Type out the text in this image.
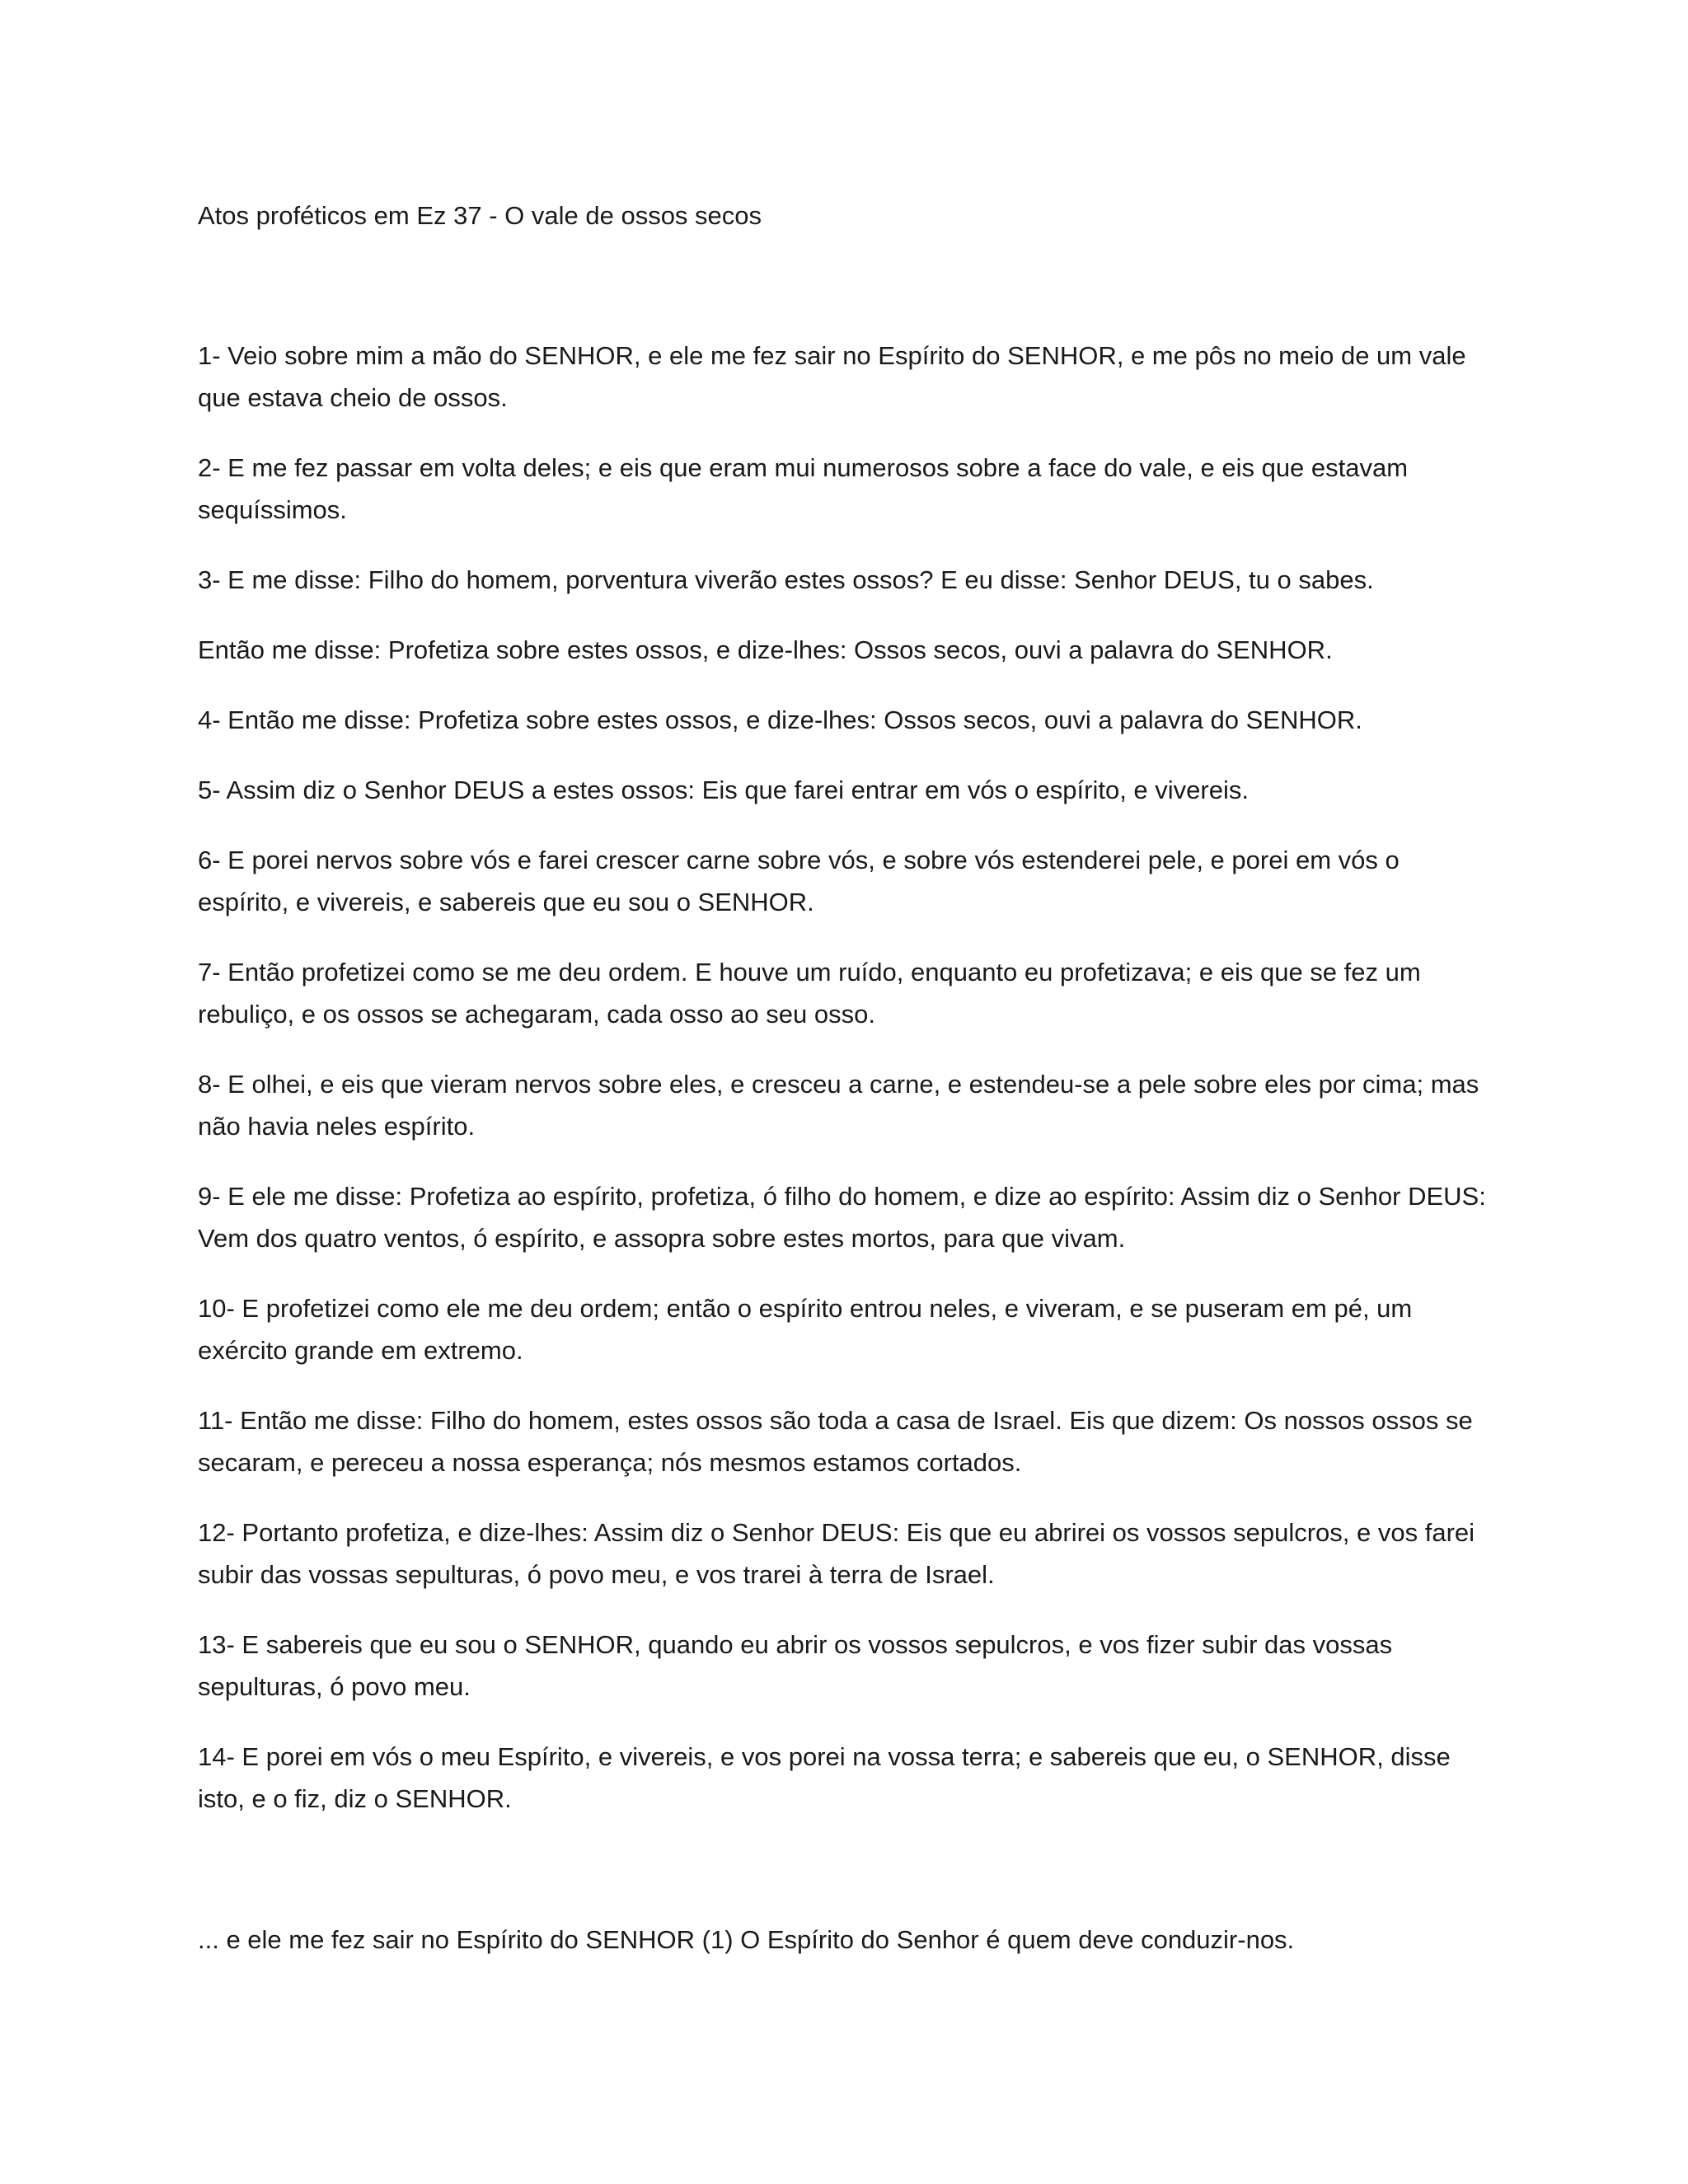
Atos proféticos em Ez 37 - O vale de ossos secos

1- Veio sobre mim a mão do SENHOR, e ele me fez sair no Espírito do SENHOR, e me pôs no meio de um vale que estava cheio de ossos.

2- E me fez passar em volta deles; e eis que eram mui numerosos sobre a face do vale, e eis que estavam sequíssimos.

3- E me disse: Filho do homem, porventura viverão estes ossos? E eu disse: Senhor DEUS, tu o sabes.

Então me disse: Profetiza sobre estes ossos, e dize-lhes: Ossos secos, ouvi a palavra do SENHOR.

4- Então me disse: Profetiza sobre estes ossos, e dize-lhes: Ossos secos, ouvi a palavra do SENHOR.

5- Assim diz o Senhor DEUS a estes ossos: Eis que farei entrar em vós o espírito, e vivereis.

6- E porei nervos sobre vós e farei crescer carne sobre vós, e sobre vós estenderei pele, e porei em vós o espírito, e vivereis, e sabereis que eu sou o SENHOR.

7- Então profetizei como se me deu ordem. E houve um ruído, enquanto eu profetizava; e eis que se fez um rebuliço, e os ossos se achegaram, cada osso ao seu osso.

8- E olhei, e eis que vieram nervos sobre eles, e cresceu a carne, e estendeu-se a pele sobre eles por cima; mas não havia neles espírito.

9- E ele me disse: Profetiza ao espírito, profetiza, ó filho do homem, e dize ao espírito: Assim diz o Senhor DEUS: Vem dos quatro ventos, ó espírito, e assopra sobre estes mortos, para que vivam.

10- E profetizei como ele me deu ordem; então o espírito entrou neles, e viveram, e se puseram em pé, um exército grande em extremo.

11- Então me disse: Filho do homem, estes ossos são toda a casa de Israel. Eis que dizem: Os nossos ossos se secaram, e pereceu a nossa esperança; nós mesmos estamos cortados.

12- Portanto profetiza, e dize-lhes: Assim diz o Senhor DEUS: Eis que eu abrirei os vossos sepulcros, e vos farei subir das vossas sepulturas, ó povo meu, e vos trarei à terra de Israel.

13- E sabereis que eu sou o SENHOR, quando eu abrir os vossos sepulcros, e vos fizer subir das vossas sepulturas, ó povo meu.

14- E porei em vós o meu Espírito, e vivereis, e vos porei na vossa terra; e sabereis que eu, o SENHOR, disse isto, e o fiz, diz o SENHOR.

... e ele me fez sair no Espírito do SENHOR (1) O Espírito do Senhor é quem deve conduzir-nos.
